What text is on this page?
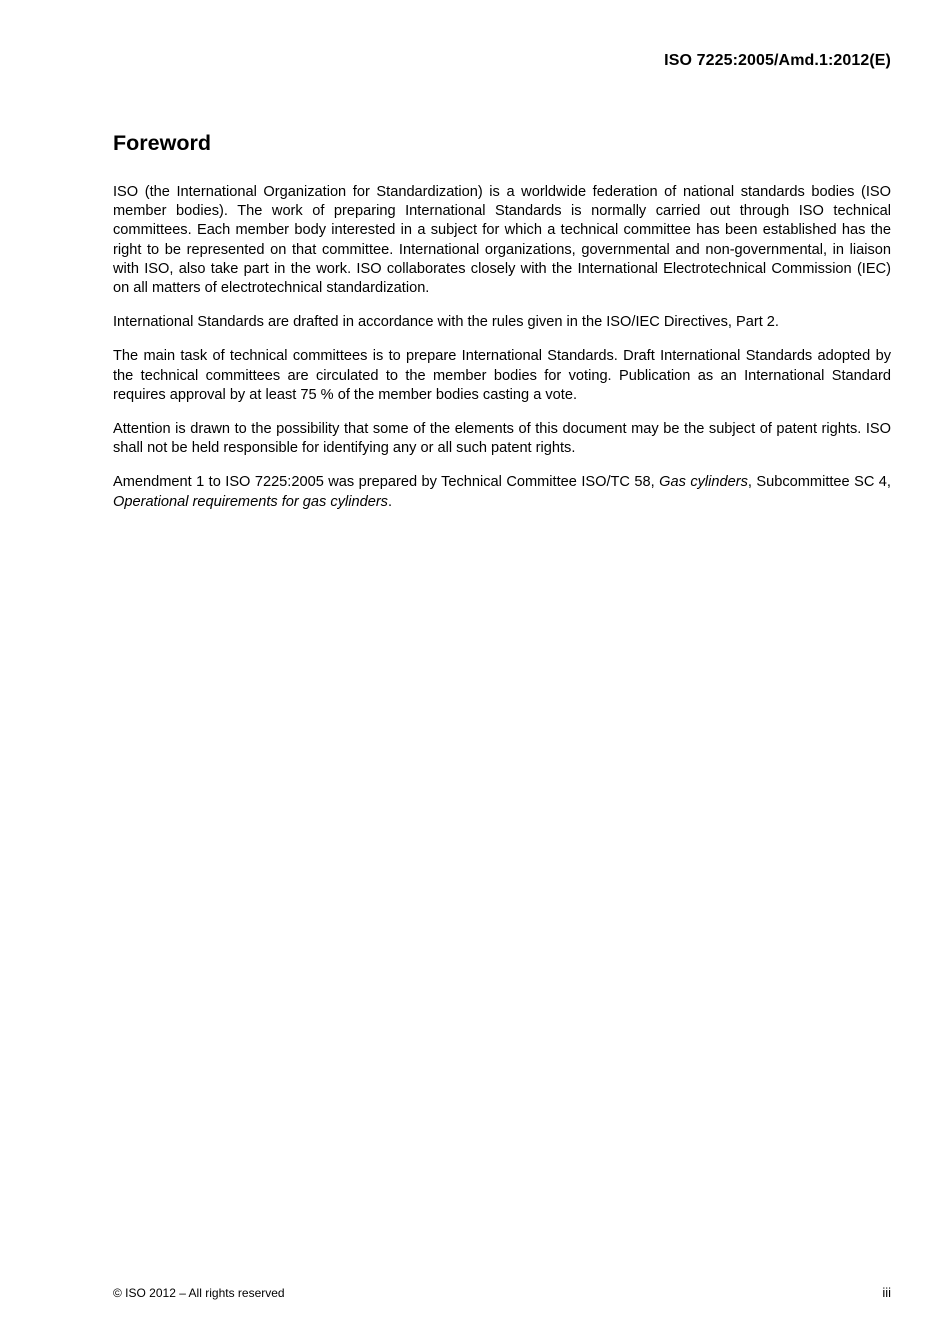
ISO 7225:2005/Amd.1:2012(E)
Foreword

ISO (the International Organization for Standardization) is a worldwide federation of national standards bodies (ISO member bodies). The work of preparing International Standards is normally carried out through ISO technical committees. Each member body interested in a subject for which a technical committee has been established has the right to be represented on that committee. International organizations, governmental and non-governmental, in liaison with ISO, also take part in the work. ISO collaborates closely with the International Electrotechnical Commission (IEC) on all matters of electrotechnical standardization.

International Standards are drafted in accordance with the rules given in the ISO/IEC Directives, Part 2.

The main task of technical committees is to prepare International Standards. Draft International Standards adopted by the technical committees are circulated to the member bodies for voting. Publication as an International Standard requires approval by at least 75 % of the member bodies casting a vote.

Attention is drawn to the possibility that some of the elements of this document may be the subject of patent rights. ISO shall not be held responsible for identifying any or all such patent rights.

Amendment 1 to ISO 7225:2005 was prepared by Technical Committee ISO/TC 58, Gas cylinders, Subcommittee SC 4, Operational requirements for gas cylinders.

© ISO 2012 – All rights reserved	iii
